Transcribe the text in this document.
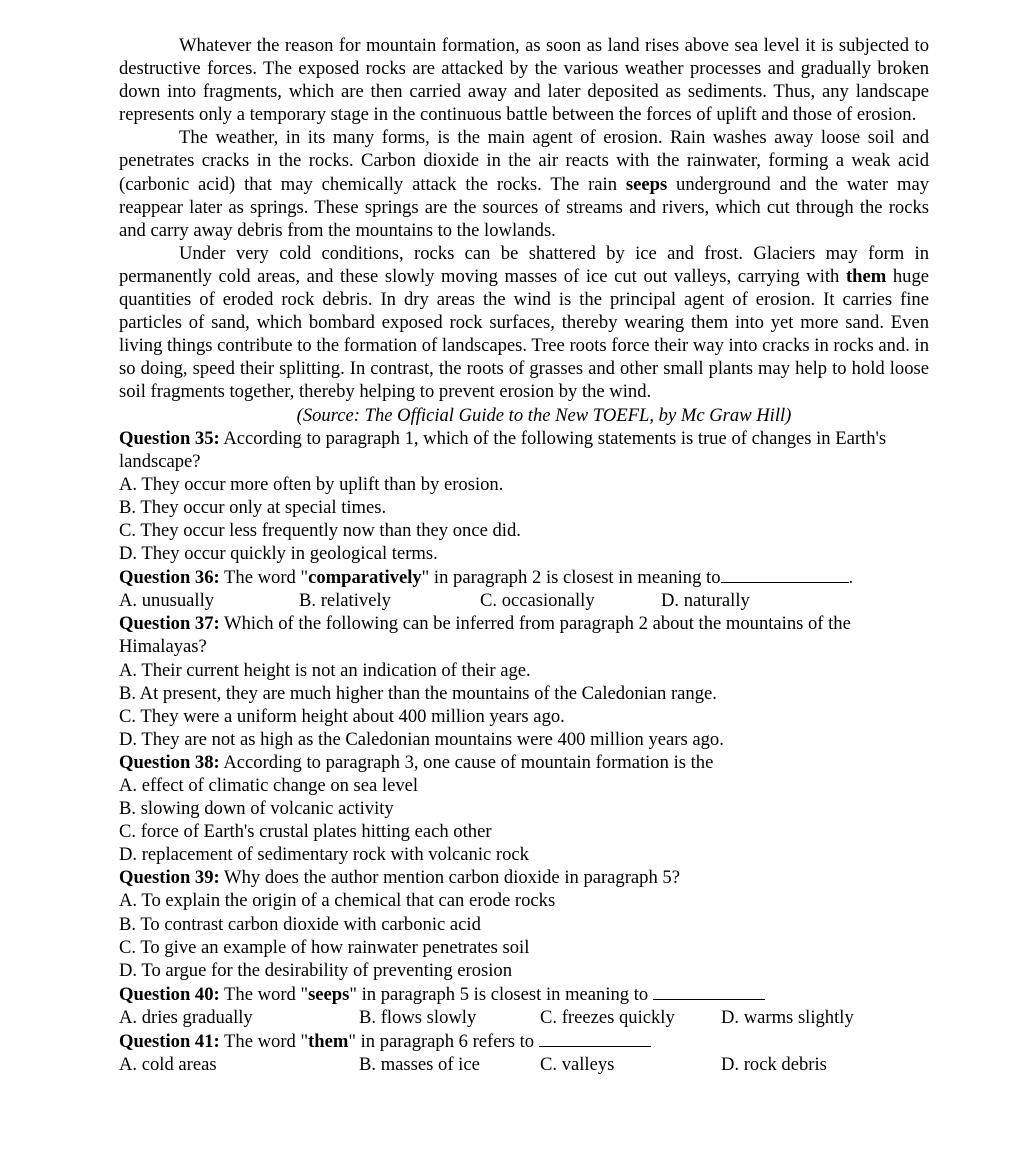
Whatever the reason for mountain formation, as soon as land rises above sea level it is subjected to destructive forces. The exposed rocks are attacked by the various weather processes and gradually broken down into fragments, which are then carried away and later deposited as sediments. Thus, any landscape represents only a temporary stage in the continuous battle between the forces of uplift and those of erosion.

The weather, in its many forms, is the main agent of erosion. Rain washes away loose soil and penetrates cracks in the rocks. Carbon dioxide in the air reacts with the rainwater, forming a weak acid (carbonic acid) that may chemically attack the rocks. The rain seeps underground and the water may reappear later as springs. These springs are the sources of streams and rivers, which cut through the rocks and carry away debris from the mountains to the lowlands.

Under very cold conditions, rocks can be shattered by ice and frost. Glaciers may form in permanently cold areas, and these slowly moving masses of ice cut out valleys, carrying with them huge quantities of eroded rock debris. In dry areas the wind is the principal agent of erosion. It carries fine particles of sand, which bombard exposed rock surfaces, thereby wearing them into yet more sand. Even living things contribute to the formation of landscapes. Tree roots force their way into cracks in rocks and. in so doing, speed their splitting. In contrast, the roots of grasses and other small plants may help to hold loose soil fragments together, thereby helping to prevent erosion by the wind.

(Source: The Official Guide to the New TOEFL, by Mc Graw Hill)

Question 35: According to paragraph 1, which of the following statements is true of changes in Earth's landscape?

A. They occur more often by uplift than by erosion.

B. They occur only at special times.

C. They occur less frequently now than they once did.

D. They occur quickly in geological terms.

Question 36: The word "comparatively" in paragraph 2 is closest in meaning to	.

A. unusually	B. relatively	C. occasionally	D. naturally

Question 37: Which of the following can be inferred from paragraph 2 about the mountains of the Himalayas?

A. Their current height is not an indication of their age.

B. At present, they are much higher than the mountains of the Caledonian range.

C. They were a uniform height about 400 million years ago.

D. They are not as high as the Caledonian mountains were 400 million years ago.

Question 38: According to paragraph 3, one cause of mountain formation is the

A. effect of climatic change on sea level

B. slowing down of volcanic activity

C. force of Earth's crustal plates hitting each other

D. replacement of sedimentary rock with volcanic rock

Question 39: Why does the author mention carbon dioxide in paragraph 5?

A. To explain the origin of a chemical that can erode rocks

B. To contrast carbon dioxide with carbonic acid

C. To give an example of how rainwater penetrates soil

D. To argue for the desirability of preventing erosion

Question 40: The word "seeps" in paragraph 5 is closest in meaning to

A. dries gradually	B. flows slowly	C. freezes quickly	D. warms slightly

Question 41: The word "them" in paragraph 6 refers to

A. cold areas	B. masses of ice	C. valleys	D. rock debris
